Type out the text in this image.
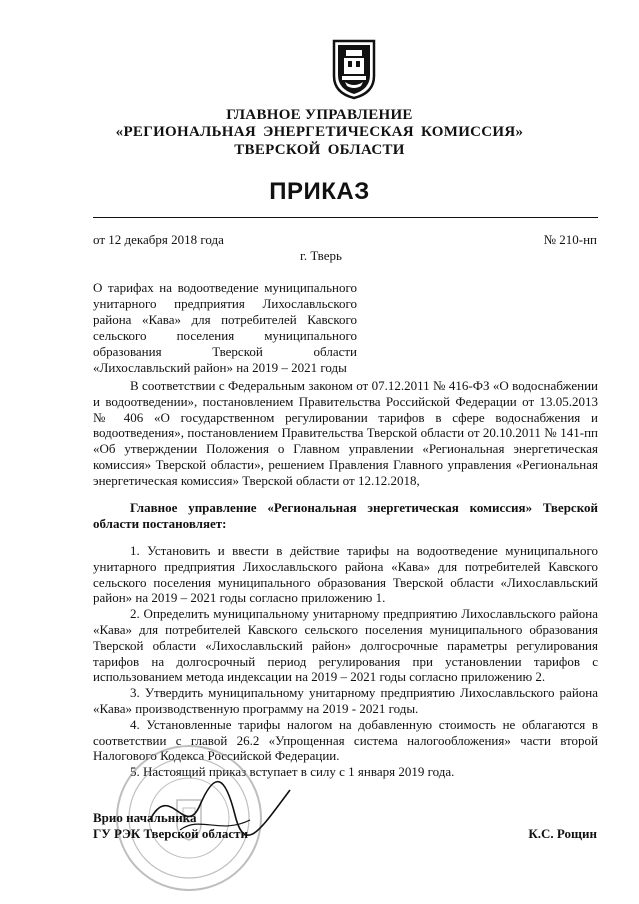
ГЛАВНОЕ УПРАВЛЕНИЕ
«РЕГИОНАЛЬНАЯ ЭНЕРГЕТИЧЕСКАЯ КОМИССИЯ»
ТВЕРСКОЙ ОБЛАСТИ
ПРИКАЗ
от 12 декабря 2018 года	№ 210-нп
г. Тверь
О тарифах на водоотведение муниципального унитарного предприятия Лихославльского района «Кава» для потребителей Кавского сельского поселения муниципального образования Тверской области «Лихославльский район» на 2019 – 2021 годы
В соответствии с Федеральным законом от 07.12.2011 № 416-ФЗ «О водоснабжении и водоотведении», постановлением Правительства Российской Федерации от 13.05.2013 № 406 «О государственном регулировании тарифов в сфере водоснабжения и водоотведения», постановлением Правительства Тверской области от 20.10.2011 № 141-пп «Об утверждении Положения о Главном управлении «Региональная энергетическая комиссия» Тверской области», решением Правления Главного управления «Региональная энергетическая комиссия» Тверской области от 12.12.2018,
Главное управление «Региональная энергетическая комиссия» Тверской области постановляет:

1. Установить и ввести в действие тарифы на водоотведение муниципального унитарного предприятия Лихославльского района «Кава» для потребителей Кавского сельского поселения муниципального образования Тверской области «Лихославльский район» на 2019 – 2021 годы согласно приложению 1.

2. Определить муниципальному унитарному предприятию Лихославльского района «Кава» для потребителей Кавского сельского поселения муниципального образования Тверской области «Лихославльский район» долгосрочные параметры регулирования тарифов на долгосрочный период регулирования при установлении тарифов с использованием метода индексации на 2019 – 2021 годы согласно приложению 2.

3. Утвердить муниципальному унитарному предприятию Лихославльского района «Кава» производственную программу на 2019 - 2021 годы.

4. Установленные тарифы налогом на добавленную стоимость не облагаются в соответствии с главой 26.2 «Упрощенная система налогообложения» части второй Налогового Кодекса Российской Федерации.

5. Настоящий приказ вступает в силу с 1 января 2019 года.

Врио начальника
ГУ РЭК Тверской области	К.С. Рощин
